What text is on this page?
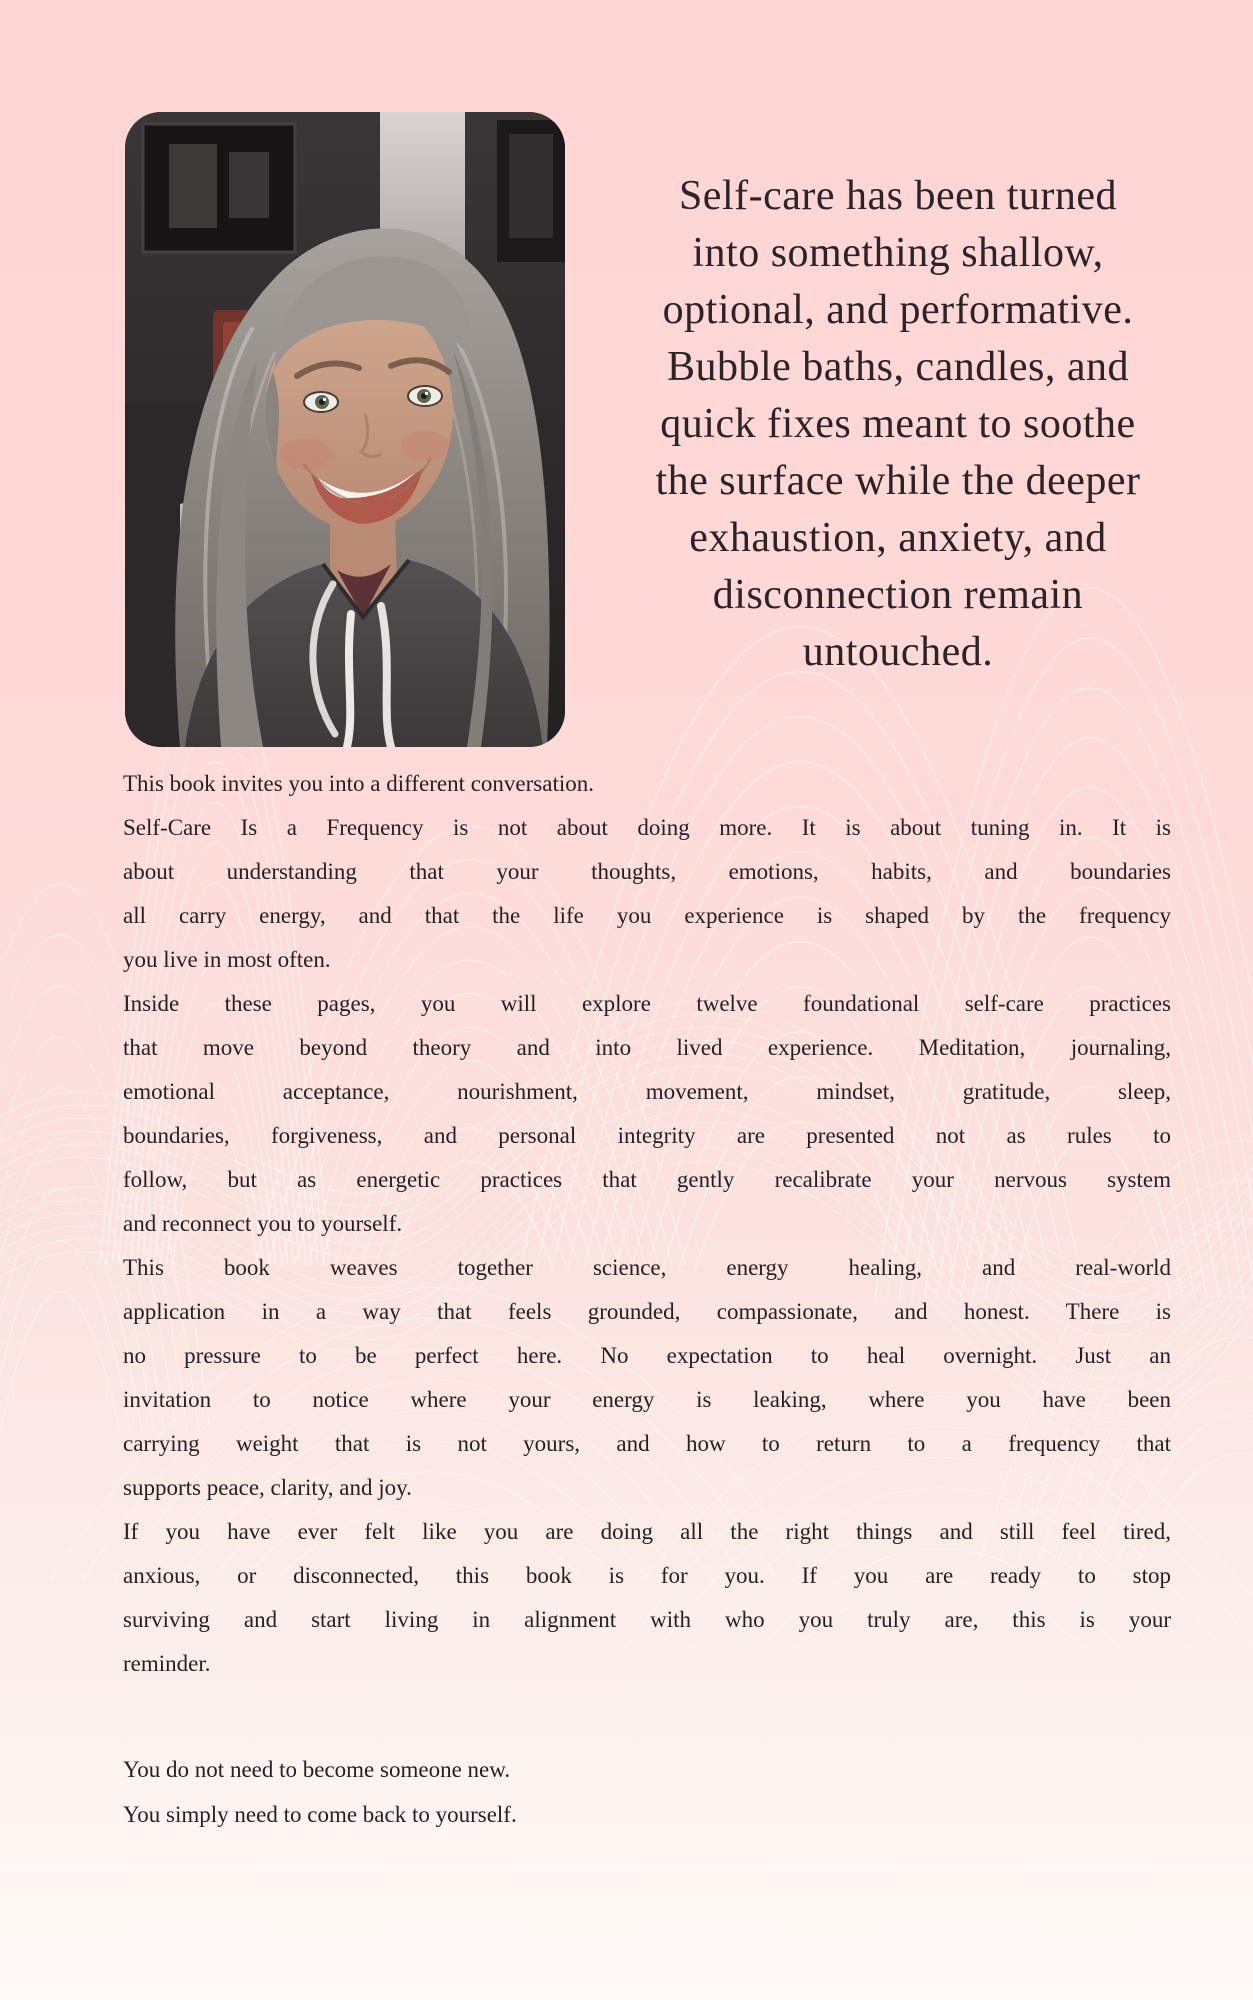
Self-care has been turned
into something shallow,
optional, and performative.
Bubble baths, candles, and
quick fixes meant to soothe
the surface while the deeper
exhaustion, anxiety, and
disconnection remain
untouched.
This book invites you into a different conversation.
Self-Care Is a Frequency is not about doing more. It is about tuning in. It is
about understanding that your thoughts, emotions, habits, and boundaries
all carry energy, and that the life you experience is shaped by the frequency
you live in most often.
Inside these pages, you will explore twelve foundational self-care practices
that move beyond theory and into lived experience. Meditation, journaling,
emotional acceptance, nourishment, movement, mindset, gratitude, sleep,
boundaries, forgiveness, and personal integrity are presented not as rules to
follow, but as energetic practices that gently recalibrate your nervous system
and reconnect you to yourself.
This book weaves together science, energy healing, and real-world
application in a way that feels grounded, compassionate, and honest. There is
no pressure to be perfect here. No expectation to heal overnight. Just an
invitation to notice where your energy is leaking, where you have been
carrying weight that is not yours, and how to return to a frequency that
supports peace, clarity, and joy.
If you have ever felt like you are doing all the right things and still feel tired,
anxious, or disconnected, this book is for you. If you are ready to stop
surviving and start living in alignment with who you truly are, this is your
reminder.
You do not need to become someone new.
You simply need to come back to yourself.
